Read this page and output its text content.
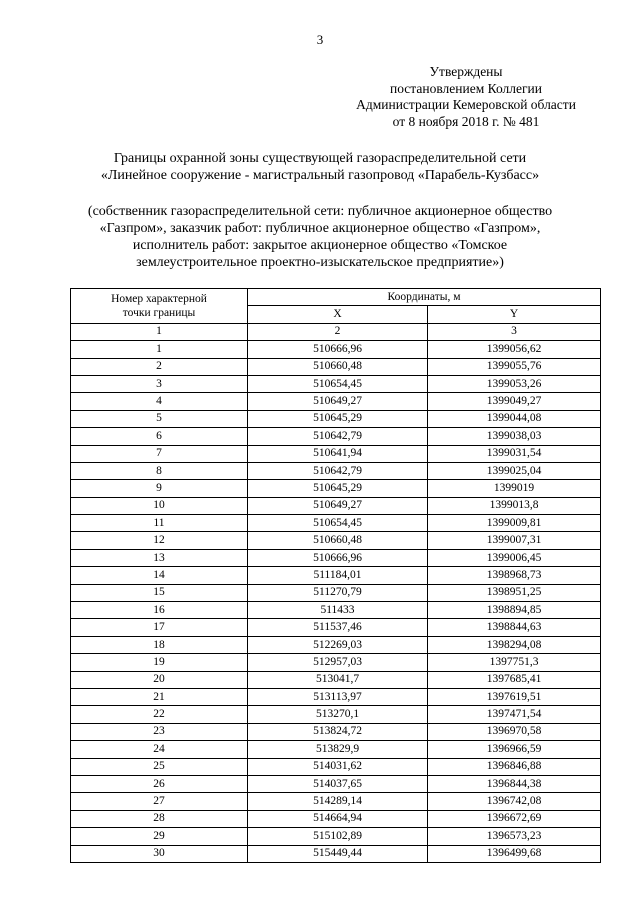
3
Утверждены
постановлением Коллегии
Администрации Кемеровской области
от 8 ноября 2018 г. № 481
Границы охранной зоны существующей газораспределительной сети
«Линейное сооружение - магистральный газопровод «Парабель-Кузбасс»
(собственник газораспределительной сети: публичное акционерное общество
«Газпром», заказчик работ: публичное акционерное общество «Газпром»,
исполнитель работ: закрытое акционерное общество «Томское
землеустроительное проектно-изыскательское предприятие»)
Номер характерной
точки границы	Координаты, м	
	X	Y
1	2	3
1	510666,96	1399056,62
2	510660,48	1399055,76
3	510654,45	1399053,26
4	510649,27	1399049,27
5	510645,29	1399044,08
6	510642,79	1399038,03
7	510641,94	1399031,54
8	510642,79	1399025,04
9	510645,29	1399019
10	510649,27	1399013,8
11	510654,45	1399009,81
12	510660,48	1399007,31
13	510666,96	1399006,45
14	511184,01	1398968,73
15	511270,79	1398951,25
16	511433	1398894,85
17	511537,46	1398844,63
18	512269,03	1398294,08
19	512957,03	1397751,3
20	513041,7	1397685,41
21	513113,97	1397619,51
22	513270,1	1397471,54
23	513824,72	1396970,58
24	513829,9	1396966,59
25	514031,62	1396846,88
26	514037,65	1396844,38
27	514289,14	1396742,08
28	514664,94	1396672,69
29	515102,89	1396573,23
30	515449,44	1396499,68
